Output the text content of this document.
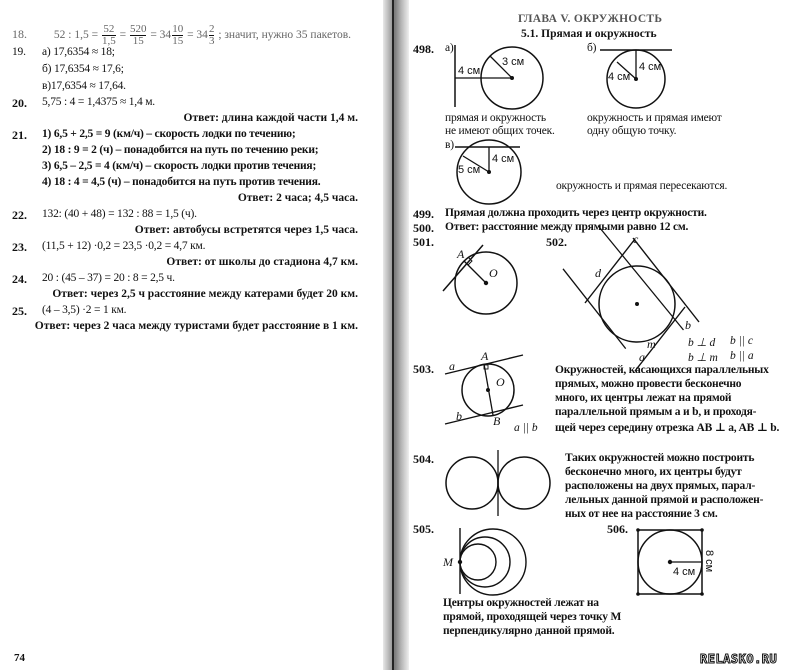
18. 52 : $1,5 = \frac{52}{1,5} = \frac{520}{15} = 34 \frac{10}{15} = 34 \frac{2}{3}$ ; значит, нужно 35 пакетов.
19. а) 17,6354 ≈ 18;
б) 17,6354 ≈ 17,6;
в)17,6354 ≈ 17,64.
20. 5,75 : 4 = 1,4375 ≈ 1,4 м.
Ответ: длина каждой части 1,4 м.
21. 1) 6,5 + 2,5 = 9 (км/ч) – скорость лодки по течению;
2) 18 : 9 = 2 (ч) – понадобится на путь по течению реки;
3) 6,5 – 2,5 = 4 (км/ч) – скорость лодки против течения;
4) 18 : 4 = 4,5 (ч) – понадобится на путь против течения.
Ответ: 2 часа; 4,5 часа.
22. 132: (40 + 48) = 132 : 88 = 1,5 (ч).
Ответ: автобусы встретятся через 1,5 часа.
23. (11,5 + 12) ·0,2 = 23,5 ·0,2 = 4,7 км.
Ответ: от школы до стадиона 4,7 км.
24. 20 : (45 – 37) = 20 : 8 = 2,5 ч.
Ответ: через 2,5 ч расстояние между катерами будет 20 км.
25. (4 – 3,5) ·2 = 1 км.
Ответ: через 2 часа между туристами будет расстояние в 1 км.
74
ГЛАВА V. ОКРУЖНОСТЬ
5.1. Прямая и окружность
498. а)
4 см
3 см
прямая и окружность
не имеют общих точек.
б)
4 см
4 см
окружность и прямая имеют
одну общую точку.
в)
4 см
5 см
окружность и прямая пересекаются.
499. Прямая должна проходить через центр окружности.
500. Ответ: расстояние между прямыми равно 12 см.
501.
A
O
502.	c
d
b
m
a
b ⊥ d b || c
b ⊥ m b || a
503. a
b
A
B
O
a || b
Окружностей, касающихся параллельных
прямых, можно провести бесконечно
много, их центры лежат на прямой
параллельной прямым a и b, и проходя-
щей через середину отрезка AB ⊥ a, AB ⊥ b.
504.	Таких окружностей можно построить
бесконечно много, их центры будут
расположены на двух прямых, парал-
лельных данной прямой и расположен-
ных от нее на расстояние 3 см.
505.
M
Центры окружностей лежат на
прямой, проходящей через точку M
перпендикулярно данной прямой.
506.
4 см 8 см
RELASKO.RU
